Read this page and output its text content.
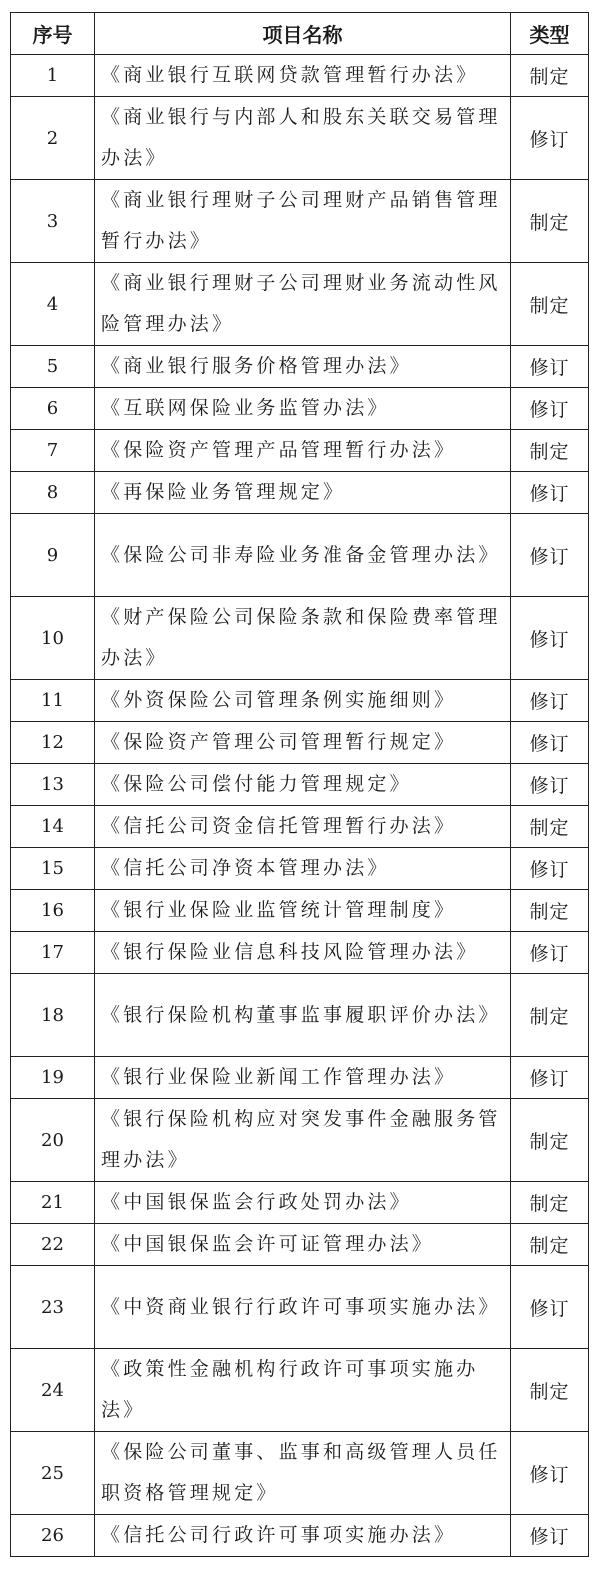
序号	项目名称	类型
1	《商业银行互联网贷款管理暂行办法》	制定
2	《商业银行与内部人和股东关联交易管理办法》	修订
3	《商业银行理财子公司理财产品销售管理暂行办法》	制定
4	《商业银行理财子公司理财业务流动性风险管理办法》	制定
5	《商业银行服务价格管理办法》	修订
6	《互联网保险业务监管办法》	修订
7	《保险资产管理产品管理暂行办法》	制定
8	《再保险业务管理规定》	修订
9	《保险公司非寿险业务准备金管理办法》	修订
10	《财产保险公司保险条款和保险费率管理办法》	修订
11	《外资保险公司管理条例实施细则》	修订
12	《保险资产管理公司管理暂行规定》	修订
13	《保险公司偿付能力管理规定》	修订
14	《信托公司资金信托管理暂行办法》	制定
15	《信托公司净资本管理办法》	修订
16	《银行业保险业监管统计管理制度》	制定
17	《银行保险业信息科技风险管理办法》	修订
18	《银行保险机构董事监事履职评价办法》	制定
19	《银行业保险业新闻工作管理办法》	修订
20	《银行保险机构应对突发事件金融服务管理办法》	制定
21	《中国银保监会行政处罚办法》	制定
22	《中国银保监会许可证管理办法》	制定
23	《中资商业银行行政许可事项实施办法》	修订
24	《政策性金融机构行政许可事项实施办法》	制定
25	《保险公司董事、监事和高级管理人员任职资格管理规定》	修订
26	《信托公司行政许可事项实施办法》	修订
